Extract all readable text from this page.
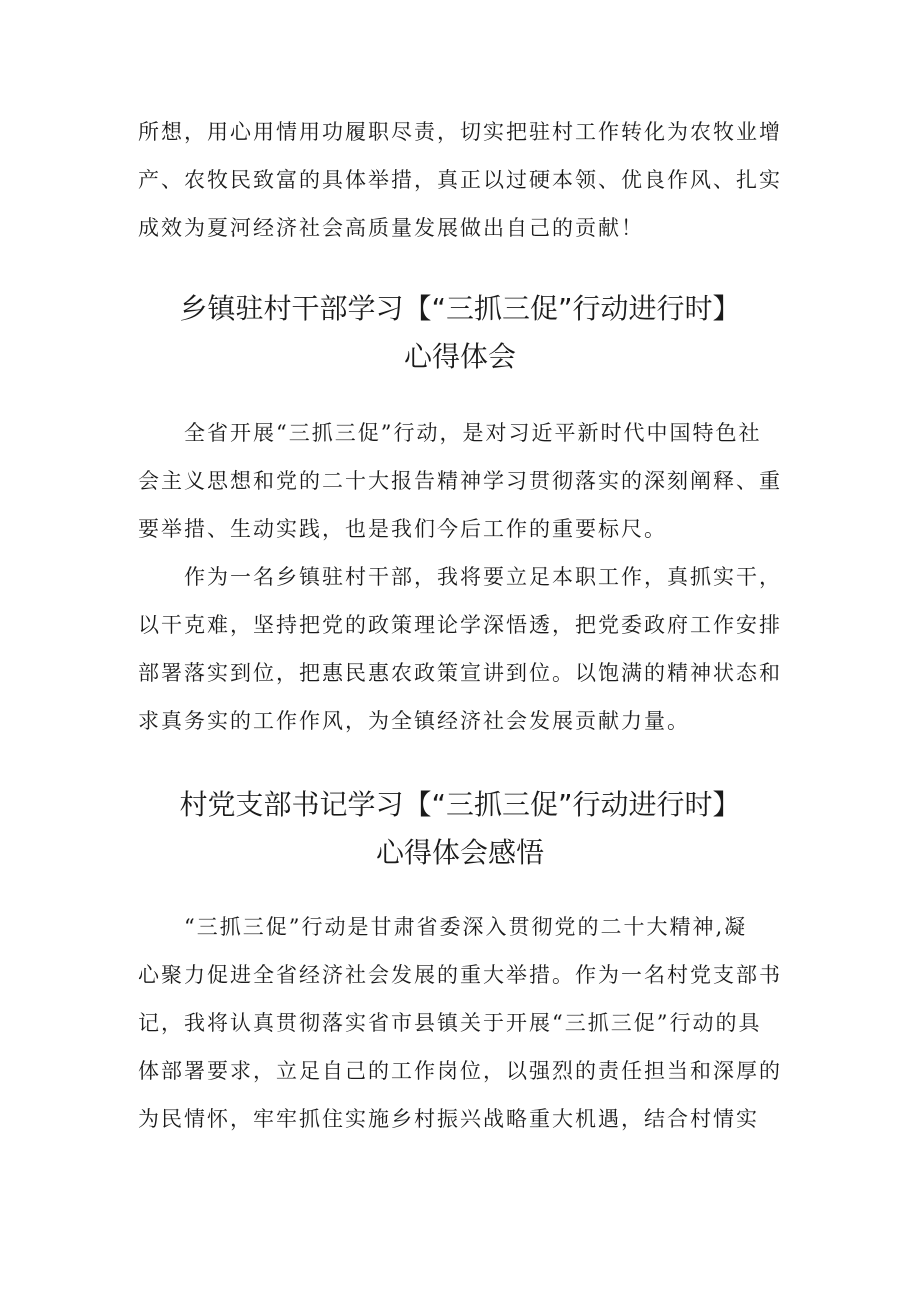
所想，用心用情用功履职尽责，切实把驻村工作转化为农牧业增
产、农牧民致富的具体举措，真正以过硬本领、优良作风、扎实
成效为夏河经济社会高质量发展做出自己的贡献！
乡镇驻村干部学习【“三抓三促”行动进行时】
心得体会
　　全省开展“三抓三促”行动，是对习近平新时代中国特色社
会主义思想和党的二十大报告精神学习贯彻落实的深刻阐释、重
要举措、生动实践，也是我们今后工作的重要标尺。
　　作为一名乡镇驻村干部，我将要立足本职工作，真抓实干，
以干克难，坚持把党的政策理论学深悟透，把党委政府工作安排
部署落实到位，把惠民惠农政策宣讲到位。以饱满的精神状态和
求真务实的工作作风，为全镇经济社会发展贡献力量。
村党支部书记学习【“三抓三促”行动进行时】
心得体会感悟
　　“三抓三促”行动是甘肃省委深入贯彻党的二十大精神,凝
心聚力促进全省经济社会发展的重大举措。作为一名村党支部书
记，我将认真贯彻落实省市县镇关于开展“三抓三促”行动的具
体部署要求，立足自己的工作岗位，以强烈的责任担当和深厚的
为民情怀，牢牢抓住实施乡村振兴战略重大机遇，结合村情实
